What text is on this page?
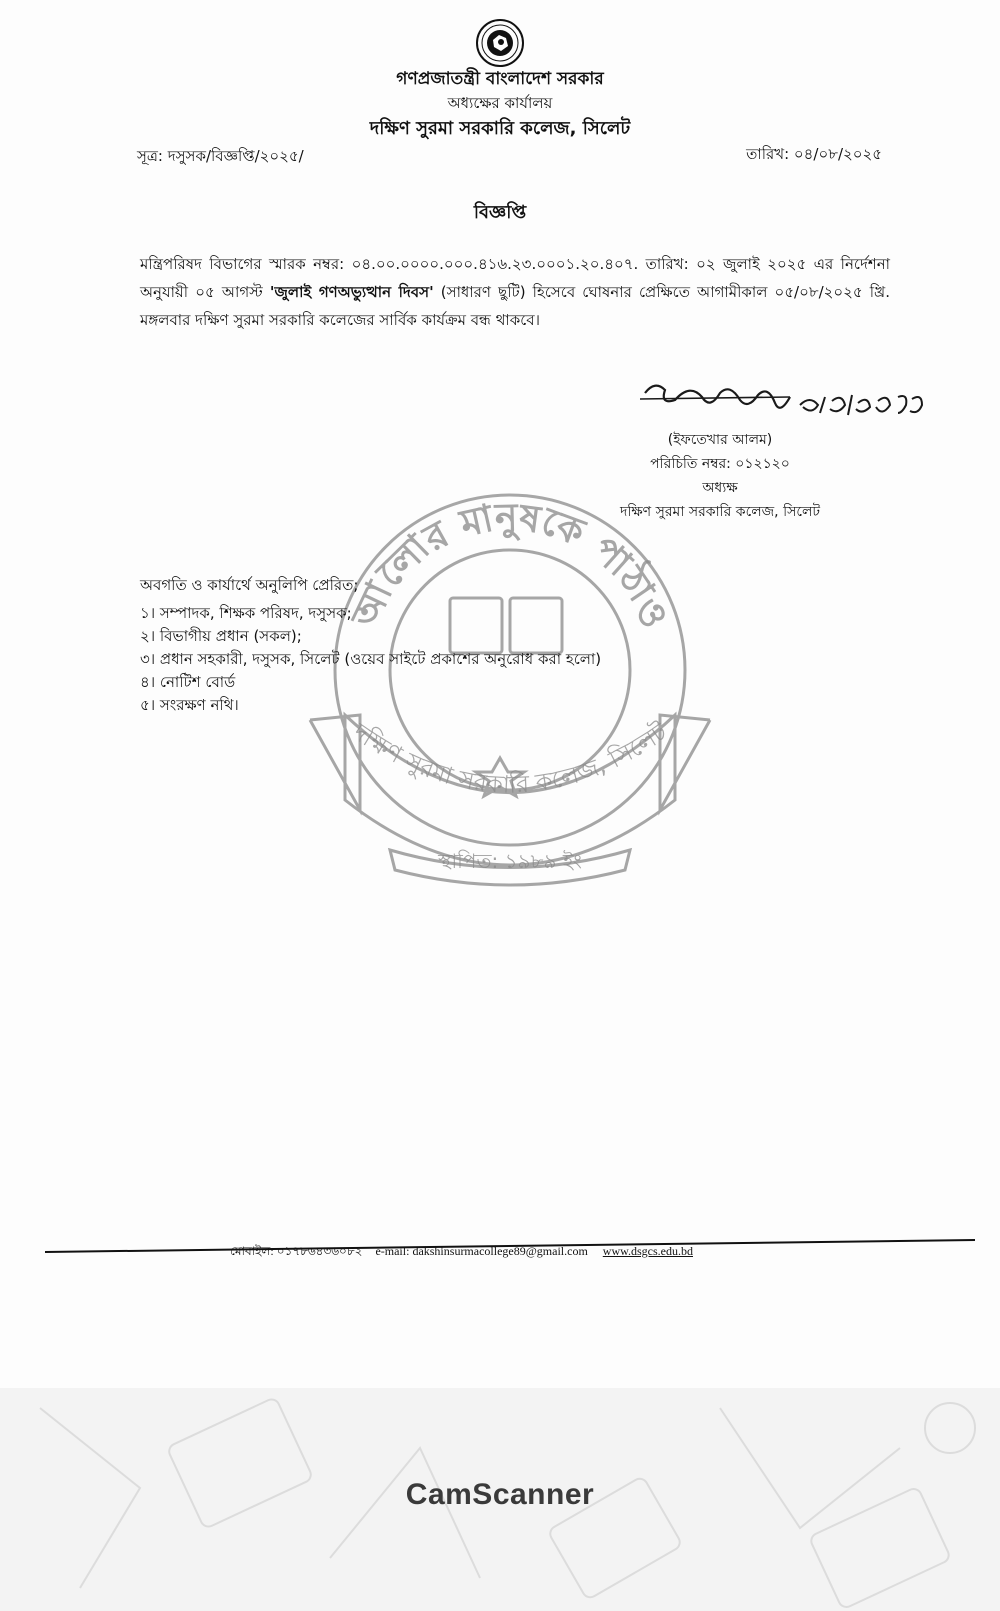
গণপ্রজাতন্ত্রী বাংলাদেশ সরকার
অধ্যক্ষের কার্যালয়
দক্ষিণ সুরমা সরকারি কলেজ, সিলেট
সূত্র: দসুসক/বিজ্ঞপ্তি/২০২৫/	তারিখ: ০৪/০৮/২০২৫
বিজ্ঞপ্তি
মন্ত্রিপরিষদ বিভাগের স্মারক নম্বর: ০৪.০০.০০০০.০০০.৪১৬.২৩.০০০১.২০.৪০৭. তারিখ: ০২ জুলাই ২০২৫ এর নির্দেশনা অনুযায়ী ০৫ আগস্ট 'জুলাই গণঅভ্যুত্থান দিবস' (সাধারণ ছুটি) হিসেবে ঘোষনার প্রেক্ষিতে আগামীকাল ০৫/০৮/২০২৫ খ্রি. মঙ্গলবার দক্ষিণ সুরমা সরকারি কলেজের সার্বিক কার্যক্রম বন্ধ থাকবে।
আলোর মানুষকে পাঠাও
দক্ষিণ সুরমা সরকারি কলেজ, সিলেট
স্থাপিত: ১৯৮৯ ইং
(ইফতেখার আলম)
পরিচিতি নম্বর: ০১২১২০
অধ্যক্ষ
দক্ষিণ সুরমা সরকারি কলেজ, সিলেট
অবগতি ও কার্যার্থে অনুলিপি প্রেরিত;
১। সম্পাদক, শিক্ষক পরিষদ, দসুসক;
২। বিভাগীয় প্রধান (সকল);
৩। প্রধান সহকারী, দসুসক, সিলেট (ওয়েব সাইটে প্রকাশের অনুরোধ করা হলো)
৪। নোটিশ বোর্ড
৫। সংরক্ষণ নথি।
মোবাইল: ০১৭৮৬৪৩৬০৮২ e-mail: dakshinsurmacollege89@gmail.com www.dsgcs.edu.bd
CamScanner
